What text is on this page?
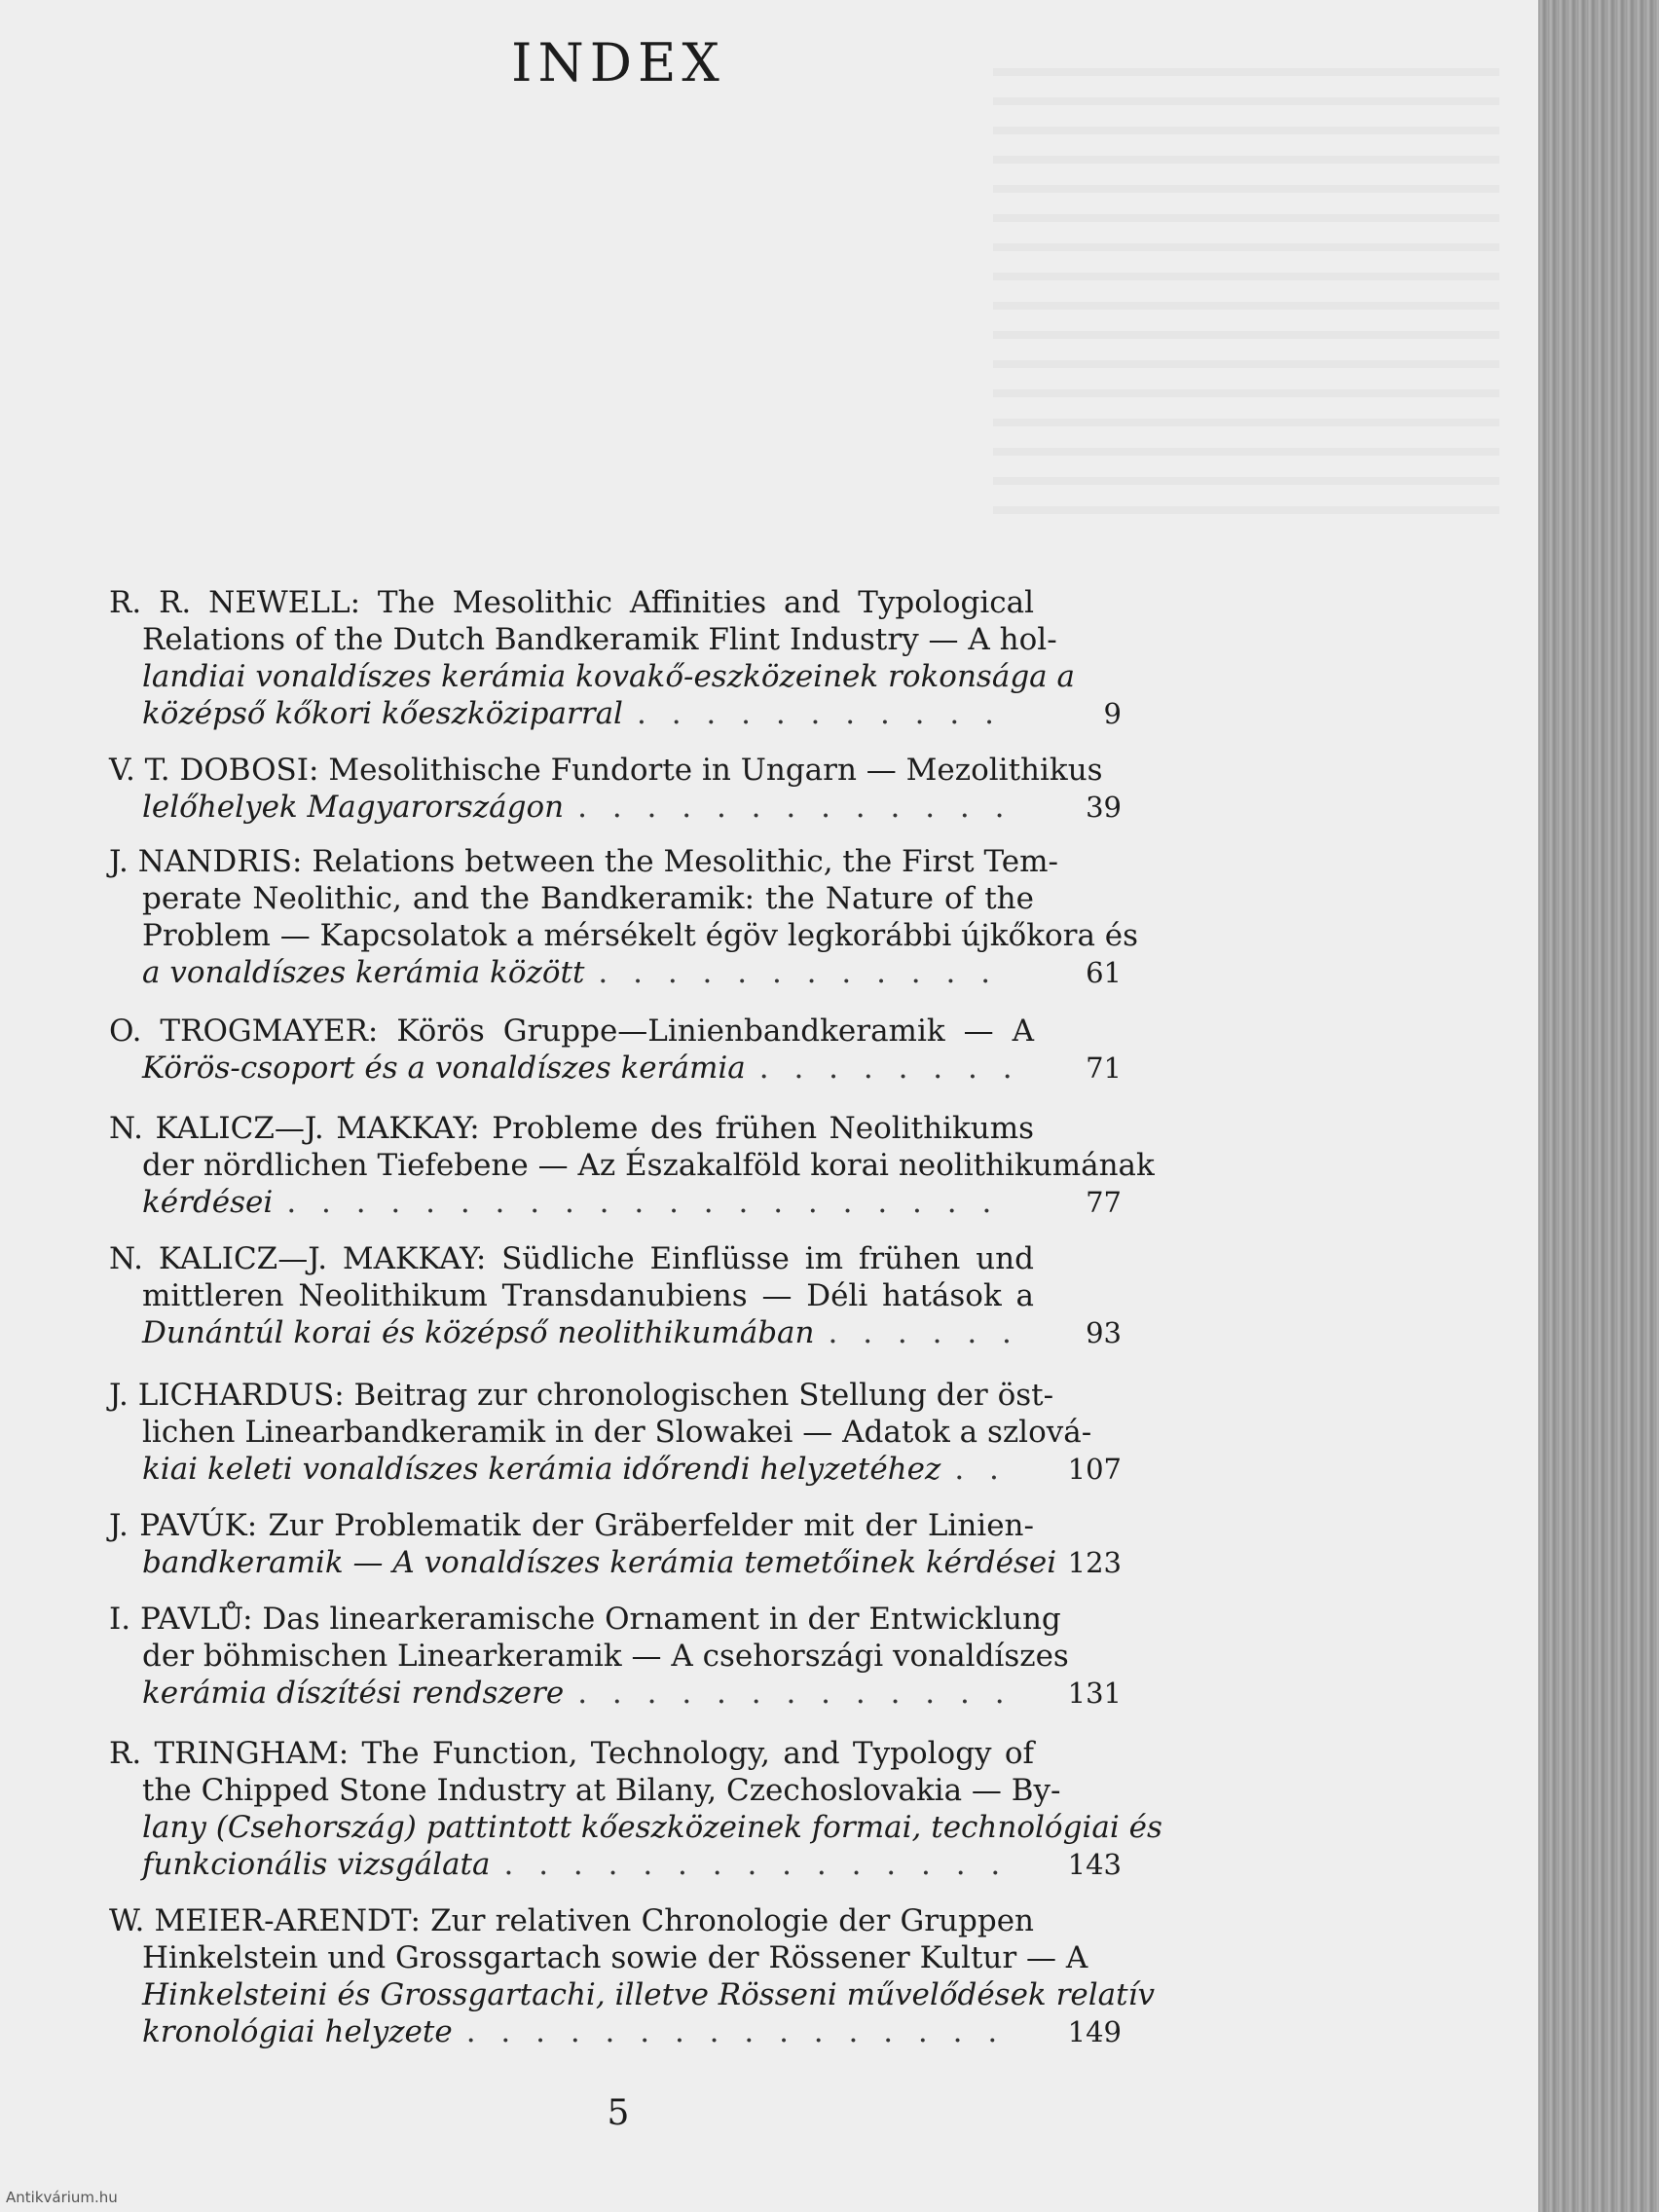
INDEX
R. R. NEWELL: The Mesolithic Affinities and Typological
Relations of the Dutch Bandkeramik Flint Industry — A hol-
landiai vonaldíszes kerámia kovakő-eszközeinek rokonsága a
középső kőkori kőeszköziparral . . .	9
V. T. DOBOSI: Mesolithische Fundorte in Ungarn — Mezolithikus
lelőhelyek Magyarországon . . .	39
J. NANDRIS: Relations between the Mesolithic, the First Tem-
perate Neolithic, and the Bandkeramik: the Nature of the
Problem — Kapcsolatok a mérsékelt égöv legkorábbi újkőkora és
a vonaldíszes kerámia között . . .	61
O. TROGMAYER: Körös Gruppe—Linienbandkeramik — A
Körös-csoport és a vonaldíszes kerámia . . .	71
N. KALICZ—J. MAKKAY: Probleme des frühen Neolithikums
der nördlichen Tiefebene — Az Északalföld korai neolithikumának
kérdései . . .	77
N. KALICZ—J. MAKKAY: Südliche Einflüsse im frühen und
mittleren Neolithikum Transdanubiens — Déli hatások a
Dunántúl korai és középső neolithikumában . . .	93
J. LICHARDUS: Beitrag zur chronologischen Stellung der öst-
lichen Linearbandkeramik in der Slowakei — Adatok a szlová-
kiai keleti vonaldíszes kerámia időrendi helyzetéhez . . .	107
J. PAVÚK: Zur Problematik der Gräberfelder mit der Linien-
bandkeramik — A vonaldíszes kerámia temetőinek kérdései 123
I. PAVLŮ: Das linearkeramische Ornament in der Entwicklung
der böhmischen Linearkeramik — A csehországi vonaldíszes
kerámia díszítési rendszere . . .	131
R. TRINGHAM: The Function, Technology, and Typology of
the Chipped Stone Industry at Bilany, Czechoslovakia — By-
lany (Csehország) pattintott kőeszközeinek formai, technológiai és
funkcionális vizsgálata . . .	143
W. MEIER-ARENDT: Zur relativen Chronologie der Gruppen
Hinkelstein und Grossgartach sowie der Rössener Kultur — A
Hinkelsteini és Grossgartachi, illetve Rösseni művelődések relatív
kronológiai helyzete . . .	149
5
Antikvárium.hu
